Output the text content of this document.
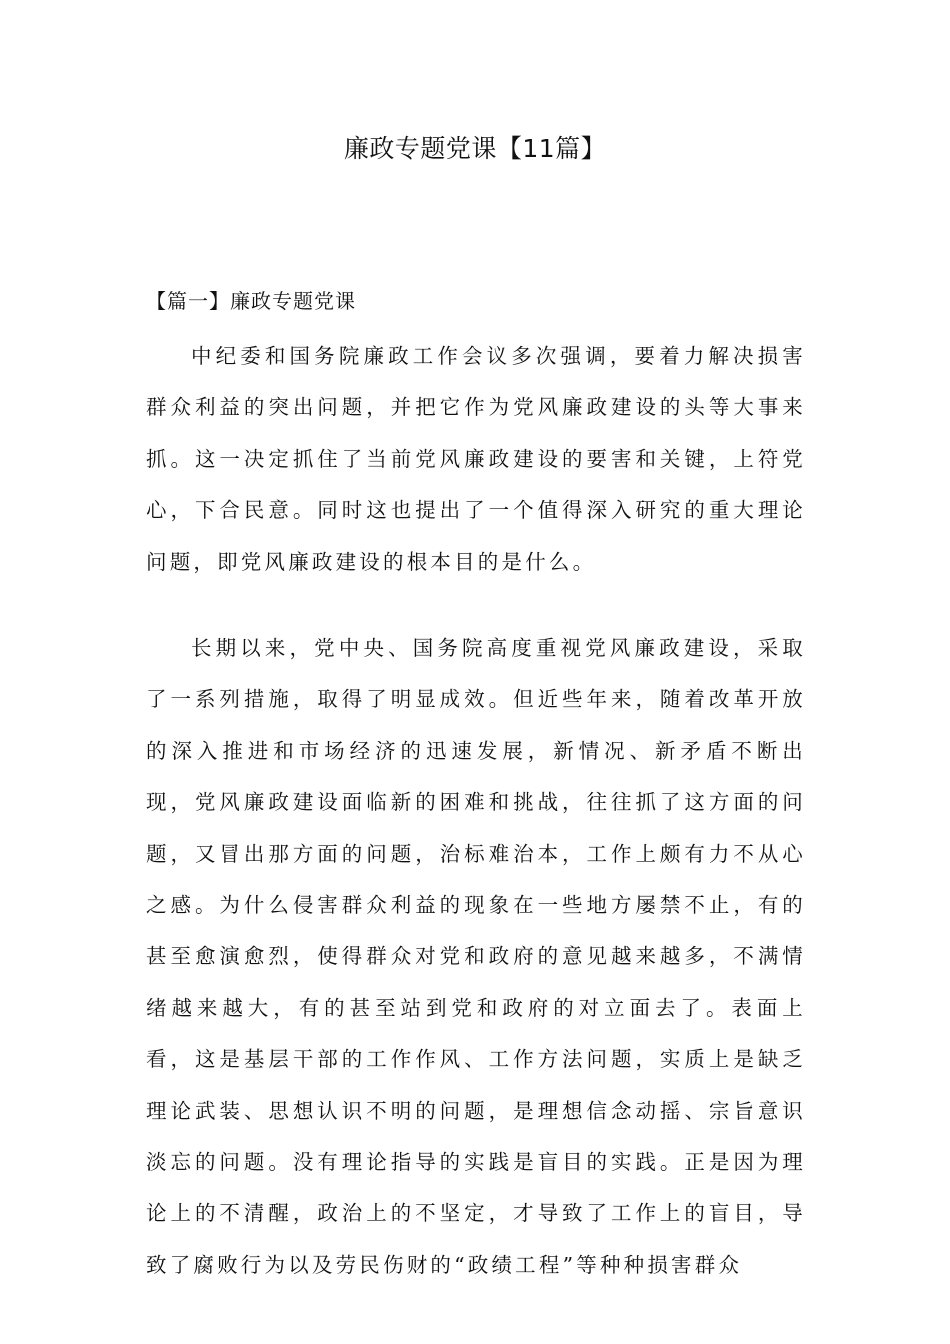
廉政专题党课【11篇】
【篇一】廉政专题党课

中纪委和国务院廉政工作会议多次强调，要着力解决损害群众利益的突出问题，并把它作为党风廉政建设的头等大事来抓。这一决定抓住了当前党风廉政建设的要害和关键，上符党心，下合民意。同时这也提出了一个值得深入研究的重大理论问题，即党风廉政建设的根本目的是什么。

长期以来，党中央、国务院高度重视党风廉政建设，采取了一系列措施，取得了明显成效。但近些年来，随着改革开放的深入推进和市场经济的迅速发展，新情况、新矛盾不断出现，党风廉政建设面临新的困难和挑战，往往抓了这方面的问题，又冒出那方面的问题，治标难治本，工作上颇有力不从心之感。为什么侵害群众利益的现象在一些地方屡禁不止，有的甚至愈演愈烈，使得群众对党和政府的意见越来越多，不满情绪越来越大，有的甚至站到党和政府的对立面去了。表面上看，这是基层干部的工作作风、工作方法问题，实质上是缺乏理论武装、思想认识不明的问题，是理想信念动摇、宗旨意识淡忘的问题。没有理论指导的实践是盲目的实践。正是因为理论上的不清醒，政治上的不坚定，才导致了工作上的盲目，导致了腐败行为以及劳民伤财的“政绩工程”等种种损害群众
